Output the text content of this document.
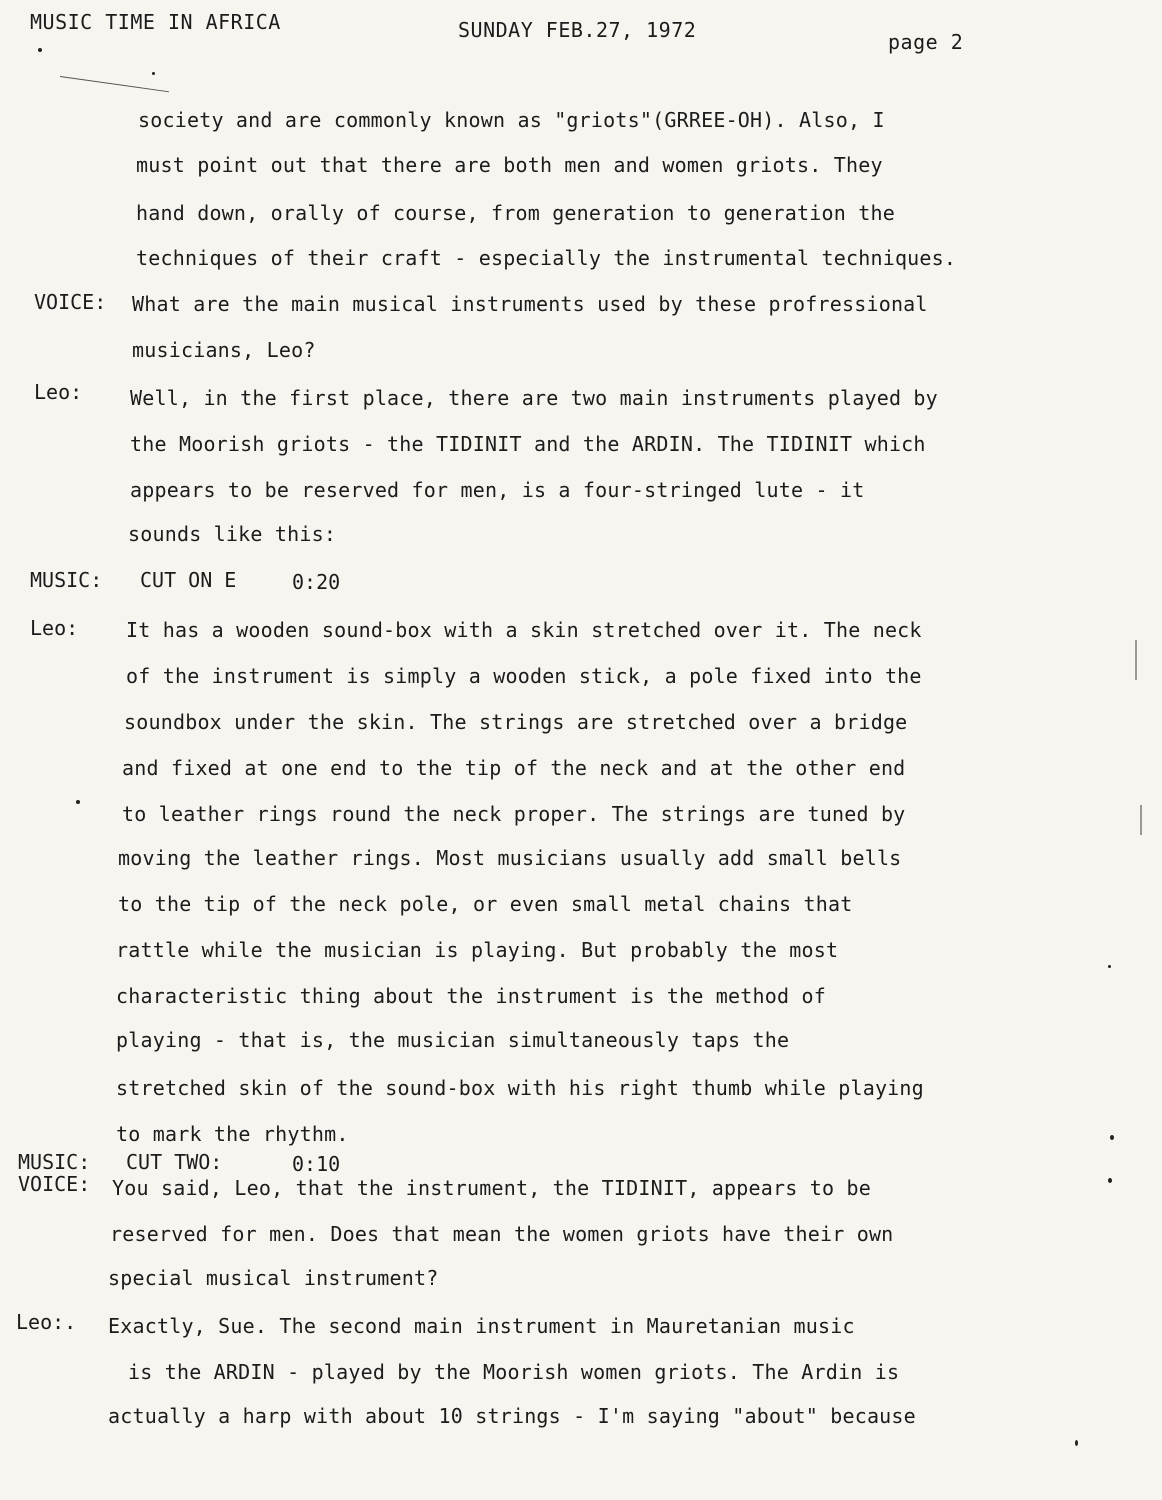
MUSIC TIME IN AFRICA	SUNDAY FEB.27, 1972	page 2
society and are commonly known as "griots"(GRREE-OH). Also, I
must point out that there are both men and women griots. They
hand down, orally of course, from generation to generation the
techniques of their craft - especially the instrumental techniques.
VOICE: What are the main musical instruments used by these profressional
musicians, Leo?
Leo: Well, in the first place, there are two main instruments played by
the Moorish griots - the TIDINIT and the ARDIN. The TIDINIT which
appears to be reserved for men, is a four-stringed lute - it
sounds like this:
MUSIC: CUT ON E	0:20
Leo: It has a wooden sound-box with a skin stretched over it. The neck
of the instrument is simply a wooden stick, a pole fixed into the
soundbox under the skin. The strings are stretched over a bridge
and fixed at one end to the tip of the neck and at the other end
to leather rings round the neck proper. The strings are tuned by
moving the leather rings. Most musicians usually add small bells
to the tip of the neck pole, or even small metal chains that
rattle while the musician is playing. But probably the most
characteristic thing about the instrument is the method of
playing - that is, the musician simultaneously taps the
stretched skin of the sound-box with his right thumb while playing
to mark the rhythm.
MUSIC: CUT TWO:	0:10
VOICE: You said, Leo, that the instrument, the TIDINIT, appears to be
reserved for men. Does that mean the women griots have their own
special musical instrument?
Leo:. Exactly, Sue. The second main instrument in Mauretanian music
is the ARDIN - played by the Moorish women griots. The Ardin is
actually a harp with about 10 strings - I'm saying "about" because
